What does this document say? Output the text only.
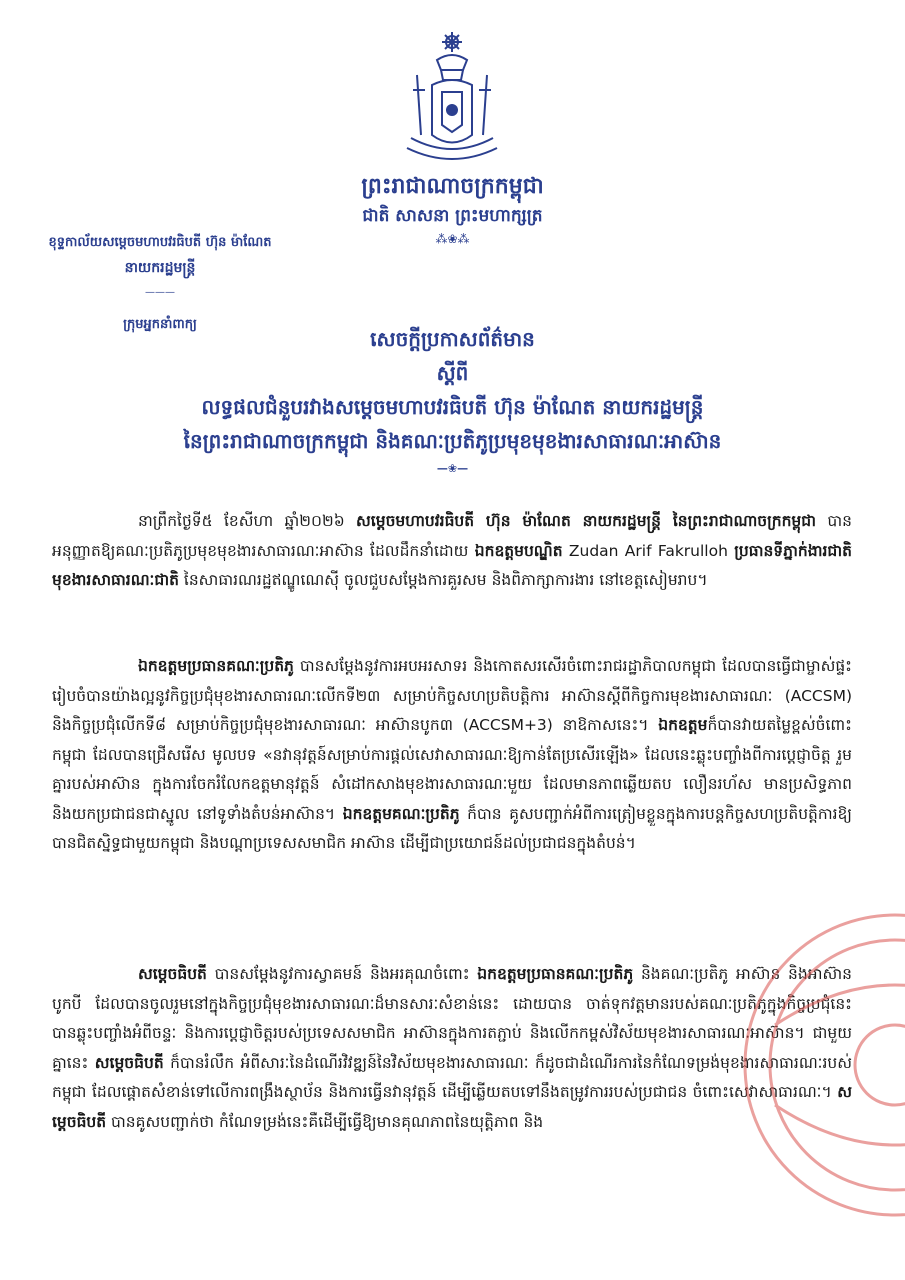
ព្រះរាជាណាចក្រកម្ពុជា
ជាតិ សាសនា ព្រះមហាក្សត្រ
⁂❀⁂
ខុទ្ទកាល័យសម្តេចមហាបវរធិបតី ហ៊ុន ម៉ាណែត
នាយករដ្ឋមន្ត្រី
———
ក្រុមអ្នកនាំពាក្យ
សេចក្តីប្រកាសព័ត៌មាន
ស្តីពី
លទ្ធផលជំនួបរវាងសម្តេចមហាបវរធិបតី ហ៊ុន ម៉ាណែត នាយករដ្ឋមន្ត្រី
នៃព្រះរាជាណាចក្រកម្ពុជា និងគណៈប្រតិភូប្រមុខមុខងារសាធារណៈអាស៊ាន
—❀—
នាព្រឹកថ្ងៃទី៥ ខែសីហា ឆ្នាំ២០២៦ សម្តេចមហាបវរធិបតី ហ៊ុន ម៉ាណែត នាយករដ្ឋមន្ត្រី នៃព្រះរាជាណាចក្រកម្ពុជា បានអនុញ្ញាតឱ្យគណៈប្រតិភូប្រមុខមុខងារសាធារណៈអាស៊ាន ដែលដឹកនាំដោយ ឯកឧត្តមបណ្ឌិត Zudan Arif Fakrulloh ប្រធានទីភ្នាក់ងារជាតិមុខងារសាធារណៈជាតិ នៃសាធារណរដ្ឋឥណ្ឌូណេស៊ី ចូលជួបសម្តែងការគួរសម និងពិភាក្សាការងារ នៅខេត្តសៀមរាប។
ឯកឧត្តមប្រធានគណៈប្រតិភូ បានសម្តែងនូវការអបអរសាទរ និងកោតសរសើរចំពោះរាជរដ្ឋាភិបាលកម្ពុជា ដែលបានធ្វើជាម្ចាស់ផ្ទះរៀបចំបានយ៉ាងល្អនូវកិច្ចប្រជុំមុខងារសាធារណៈលើកទី២៣ សម្រាប់កិច្ចសហប្រតិបត្តិការ អាស៊ានស្តីពីកិច្ចការមុខងារសាធារណៈ (ACCSM) និងកិច្ចប្រជុំលើកទី៨ សម្រាប់កិច្ចប្រជុំមុខងារសាធារណៈ អាស៊ានបូក៣ (ACCSM+3) នាឱកាសនេះ។ ឯកឧត្តមក៏បានវាយតម្លៃខ្ពស់ចំពោះកម្ពុជា ដែលបានជ្រើសរើស មូលបទ «នវានុវត្តន៍សម្រាប់ការផ្តល់សេវាសាធារណៈឱ្យកាន់តែប្រសើរឡើង» ដែលនេះឆ្លុះបញ្ចាំងពីការប្តេជ្ញាចិត្ត រួមគ្នារបស់អាស៊ាន ក្នុងការចែករំលែកឧត្តមានុវត្តន៍ សំដៅកសាងមុខងារសាធារណៈមួយ ដែលមានភាពឆ្លើយតប លឿនរហ័ស មានប្រសិទ្ធភាព និងយកប្រជាជនជាស្នូល នៅទូទាំងតំបន់អាស៊ាន។ ឯកឧត្តមគណៈប្រតិភូ ក៏បាន គូសបញ្ជាក់អំពីការត្រៀមខ្លួនក្នុងការបន្តកិច្ចសហប្រតិបត្តិការឱ្យបានជិតស្និទ្ធជាមួយកម្ពុជា និងបណ្តាប្រទេសសមាជិក អាស៊ាន ដើម្បីជាប្រយោជន៍ដល់ប្រជាជនក្នុងតំបន់។
សម្តេចធិបតី បានសម្តែងនូវការស្វាគមន៍ និងអរគុណចំពោះ ឯកឧត្តមប្រធានគណៈប្រតិភូ និងគណៈប្រតិភូ អាស៊ាន និងអាស៊ានបូកបី ដែលបានចូលរួមនៅក្នុងកិច្ចប្រជុំមុខងារសាធារណៈដ៏មានសារៈសំខាន់នេះ ដោយបាន ចាត់ទុកវត្តមានរបស់គណៈប្រតិភូក្នុងកិច្ចប្រជុំនេះ បានឆ្លុះបញ្ចាំងអំពីចន្ទៈ និងការប្តេជ្ញាចិត្តរបស់ប្រទេសសមាជិក អាស៊ានក្នុងការតភ្ជាប់ និងលើកកម្ពស់វិស័យមុខងារសាធារណៈអាស៊ាន។ ជាមួយគ្នានេះ សម្តេចធិបតី ក៏បានរំលឹក អំពីសារៈនៃដំណើរវិវឌ្ឍន៍នៃវិស័យមុខងារសាធារណៈ ក៏ដូចជាដំណើរការនៃកំណែទម្រង់មុខងារសាធារណៈរបស់ កម្ពុជា ដែលផ្តោតសំខាន់ទៅលើការពង្រឹងស្ថាប័ន និងការធ្វើនវានុវត្តន៍ ដើម្បីឆ្លើយតបទៅនឹងតម្រូវការរបស់ប្រជាជន ចំពោះសេវាសាធារណៈ។ សម្តេចធិបតី បានគូសបញ្ជាក់ថា កំណែទម្រង់នេះគឺដើម្បីធ្វើឱ្យមានគុណភាពនៃយុត្តិភាព និង
